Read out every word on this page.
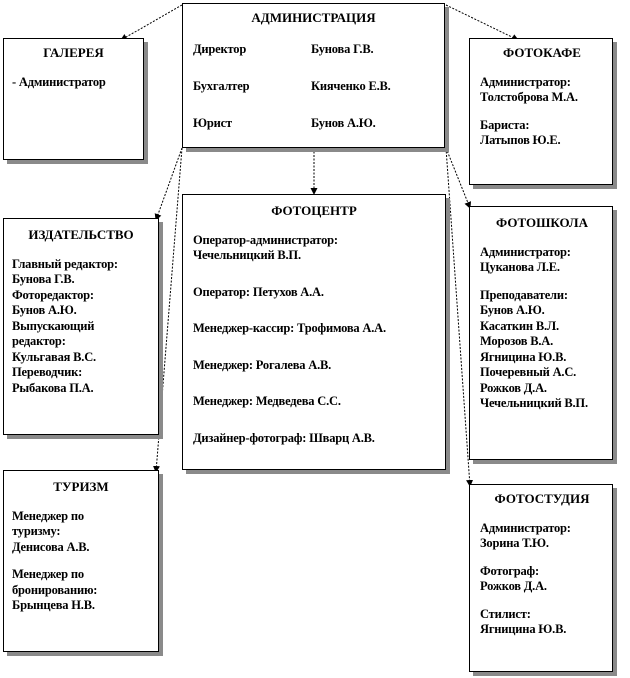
АДМИНИСТРАЦИЯ
Директор	Бунова Г.В.
Бухгалтер	Кияченко Е.В.
Юрист	Бунов А.Ю.
ГАЛЕРЕЯ
- Администратор
ФОТОКАФЕ
Администратор:
Толстоброва М.А.
Бариста:
Латыпов Ю.Е.
ИЗДАТЕЛЬСТВО
Главный редактор:
Бунова Г.В.
Фоторедактор:
Бунов А.Ю.
Выпускающий
редактор:
Кульгавая В.С.
Переводчик:
Рыбакова П.А.
ФОТОЦЕНТР
Оператор-администратор:
Чечельницкий В.П.
Оператор: Петухов А.А.
Менеджер-кассир: Трофимова А.А.
Менеджер: Рогалева А.В.
Менеджер: Медведева С.С.
Дизайнер-фотограф: Шварц А.В.
ФОТОШКОЛА
Администратор:
Цуканова Л.Е.
Преподаватели:
Бунов А.Ю.
Касаткин В.Л.
Морозов В.А.
Ягницина Ю.В.
Почеревный А.С.
Рожков Д.А.
Чечельницкий В.П.
ТУРИЗМ
Менеджер по
туризму:
Денисова А.В.
Менеджер по
бронированию:
Брынцева Н.В.
ФОТОСТУДИЯ
Администратор:
Зорина Т.Ю.
Фотограф:
Рожков Д.А.
Стилист:
Ягницина Ю.В.
